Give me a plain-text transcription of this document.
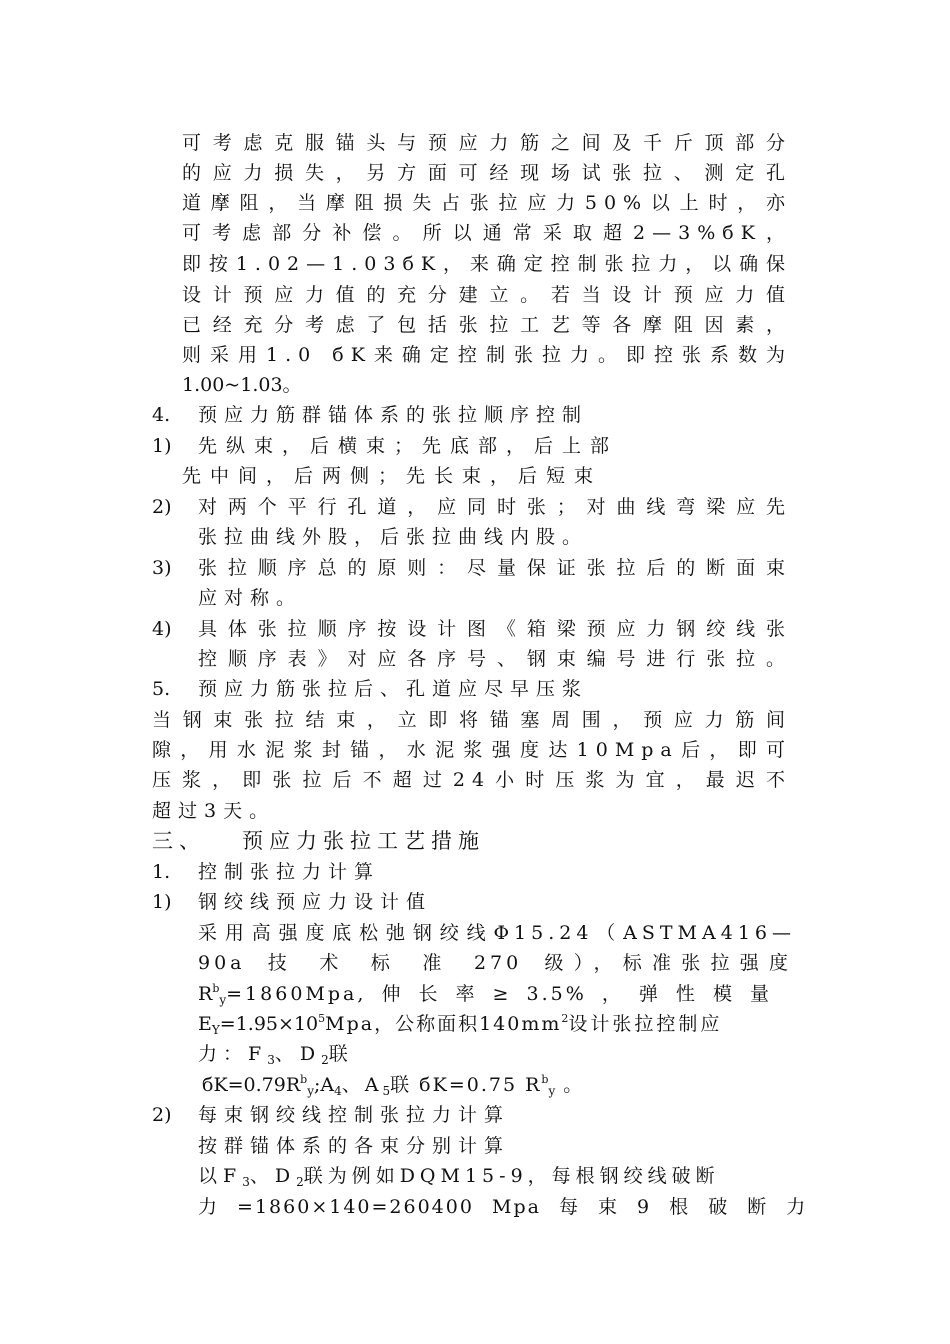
可考虑克服锚头与预应力筋之间及千斤顶部分
的应力损失，另方面可经现场试张拉、测定孔
道摩阻，当摩阻损失占张拉应力50%以上时，亦
可考虑部分补偿。所以通常采取超2—3%бK，
即按1.02—1.03бK，来确定控制张拉力，以确保
设计预应力值的充分建立。若当设计预应力值
已经充分考虑了包括张拉工艺等各摩阻因素，
则采用1.0 бK来确定控制张拉力。即控张系数为
1.00~1.03。
4. 预应力筋群锚体系的张拉顺序控制
1) 先纵束，后横束；先底部，后上部
先中间，后两侧；先长束，后短束
2) 对两个平行孔道，应同时张；对曲线弯梁应先
张拉曲线外股，后张拉曲线内股。
3) 张拉顺序总的原则：尽量保证张拉后的断面束
应对称。
4) 具体张拉顺序按设计图《箱梁预应力钢绞线张
控顺序表》对应各序号、钢束编号进行张拉。
5. 预应力筋张拉后、孔道应尽早压浆
当钢束张拉结束，立即将锚塞周围，预应力筋间
隙，用水泥浆封锚，水泥浆强度达10Mpa后，即可
压浆，即张拉后不超过24小时压浆为宜，最迟不
超过3天。
三、 预应力张拉工艺措施
1. 控制张拉力计算
1) 钢绞线预应力设计值
采用高强度底松弛钢绞线Φ15.24（ASTMA416—
90a 技 术 标 准 270 级），标准张拉强度
$R^b_y=1860Mpa$, 伸 长 率 ≥ 3.5% ， 弹 性 模 量
$E_Y=1.95\times 10^5Mpa$，公称面积$140mm^2$设计张拉控制应
力：$F_3$、$D_2$联
$бK=0.79R^b_y;A_4$、$A_5$联 бK=0.75 $R^b_y$ 。
2) 每束钢绞线控制张拉力计算
按群锚体系的各束分别计算
以$F_3$、$D_2$联为例如DQM15-9，每根钢绞线破断
力 =1860×140=260400 Mpa 每 束 9 根 破 断 力
